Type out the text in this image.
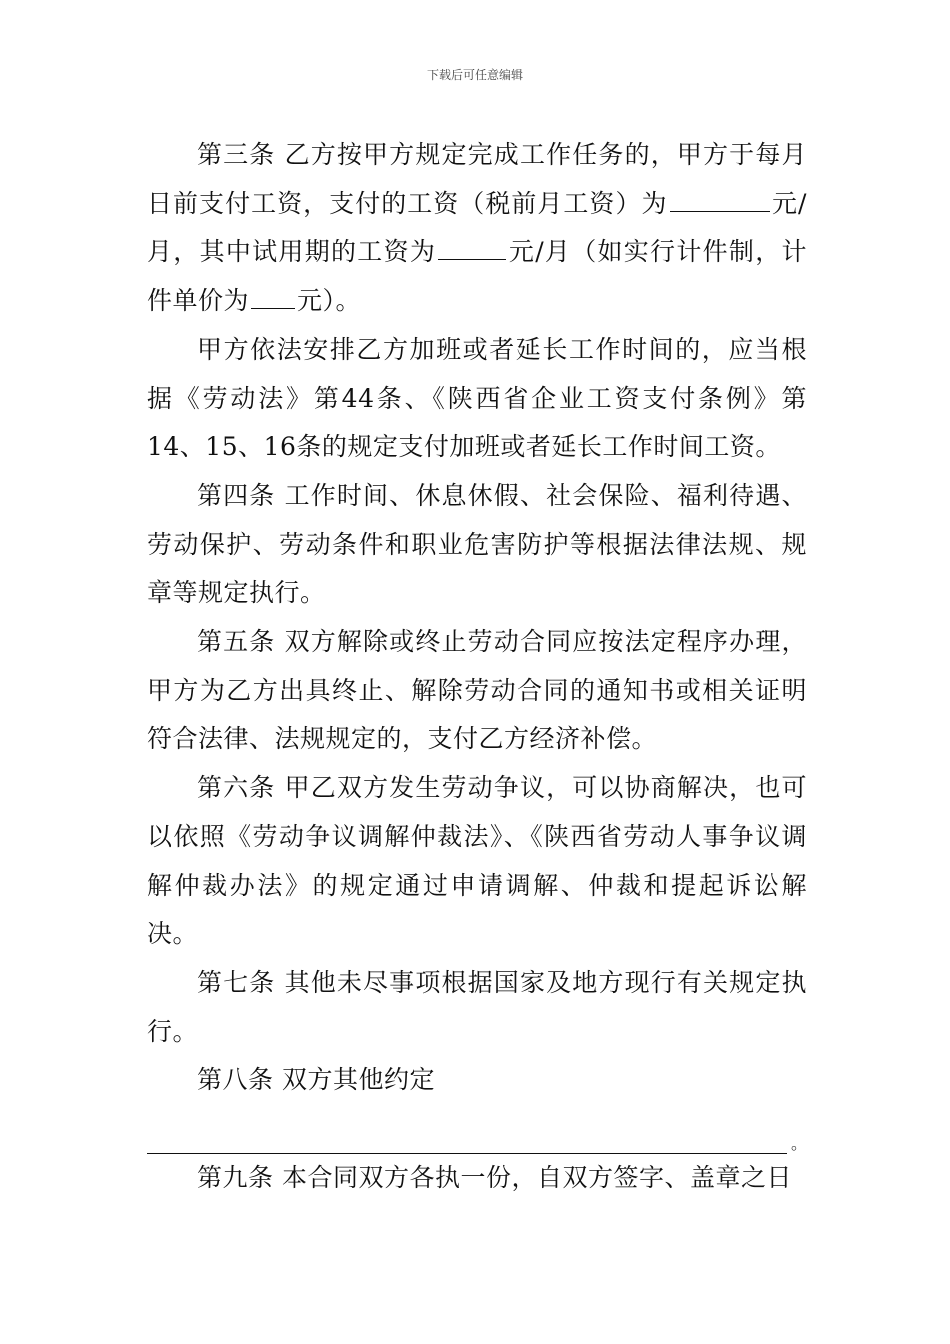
下载后可任意编辑

第三条 乙方按甲方规定完成工作任务的，甲方于每月日前支付工资，支付的工资（税前月工资）为	元/月，其中试用期的工资为	元/月（如实行计件制，计件单价为 元）。

甲方依法安排乙方加班或者延长工作时间的，应当根据《劳动法》第44条、《陕西省企业工资支付条例》第14、15、16条的规定支付加班或者延长工作时间工资。

第四条 工作时间、休息休假、社会保险、福利待遇、劳动保护、劳动条件和职业危害防护等根据法律法规、规章等规定执行。

第五条 双方解除或终止劳动合同应按法定程序办理，甲方为乙方出具终止、解除劳动合同的通知书或相关证明符合法律、法规规定的，支付乙方经济补偿。

第六条 甲乙双方发生劳动争议，可以协商解决，也可以依照《劳动争议调解仲裁法》、《陕西省劳动人事争议调解仲裁办法》的规定通过申请调解、仲裁和提起诉讼解决。

第七条 其他未尽事项根据国家及地方现行有关规定执行。

第八条 双方其他约定

。

第九条 本合同双方各执一份，自双方签字、盖章之日
